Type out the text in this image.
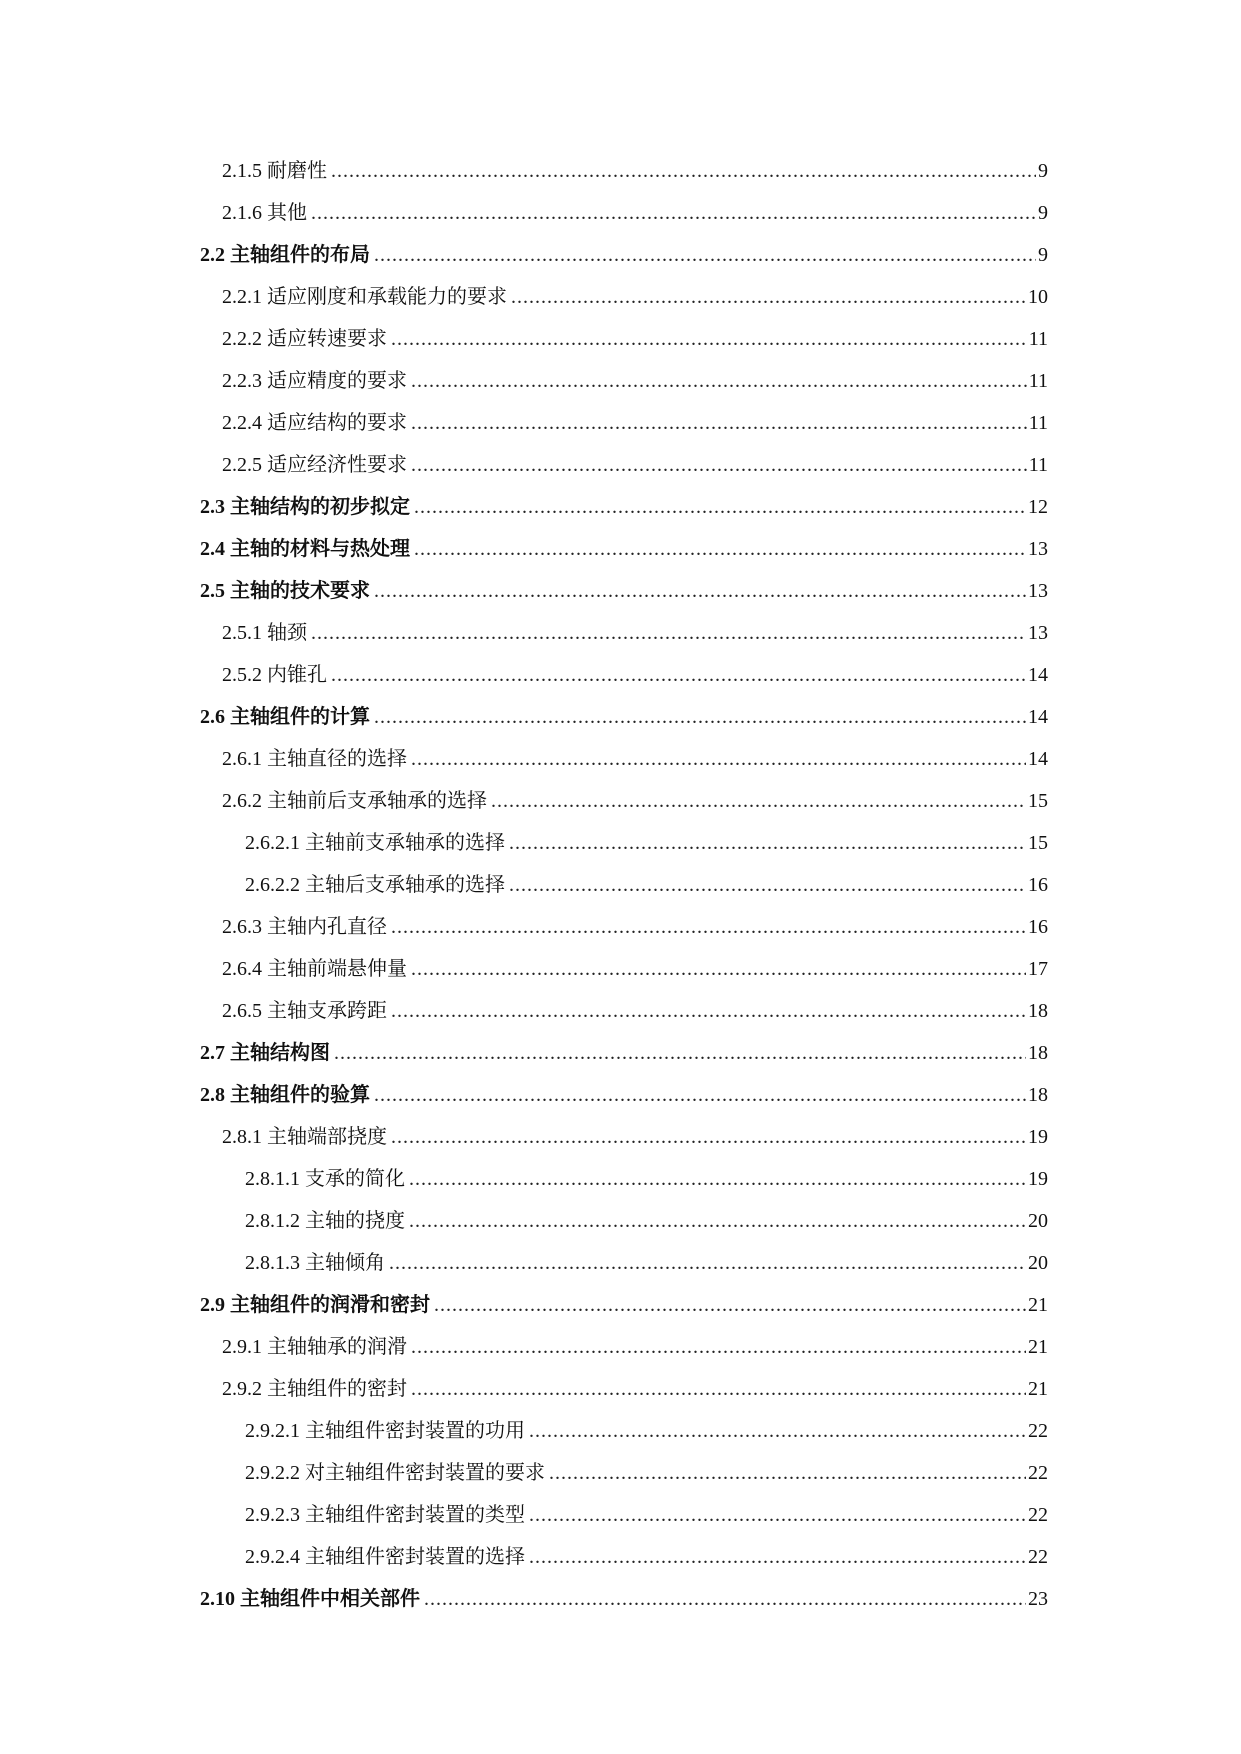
2.1.5 耐磨性 .....	9
2.1.6 其他 .....	9
2.2 主轴组件的布局 .....	9
2.2.1 适应刚度和承载能力的要求 .....	10
2.2.2 适应转速要求 .....	11
2.2.3 适应精度的要求 .....	11
2.2.4 适应结构的要求 .....	11
2.2.5 适应经济性要求 .....	11
2.3 主轴结构的初步拟定 .....	12
2.4 主轴的材料与热处理 .....	13
2.5 主轴的技术要求 .....	13
2.5.1 轴颈 .....	13
2.5.2 内锥孔 .....	14
2.6 主轴组件的计算 .....	14
2.6.1 主轴直径的选择 .....	14
2.6.2 主轴前后支承轴承的选择 .....	15
2.6.2.1 主轴前支承轴承的选择 .....	15
2.6.2.2 主轴后支承轴承的选择 .....	16
2.6.3 主轴内孔直径 .....	16
2.6.4 主轴前端悬伸量 .....	17
2.6.5 主轴支承跨距 .....	18
2.7 主轴结构图 .....	18
2.8 主轴组件的验算 .....	18
2.8.1 主轴端部挠度 .....	19
2.8.1.1 支承的简化 .....	19
2.8.1.2 主轴的挠度 .....	20
2.8.1.3 主轴倾角 .....	20
2.9 主轴组件的润滑和密封 .....	21
2.9.1 主轴轴承的润滑 .....	21
2.9.2 主轴组件的密封 .....	21
2.9.2.1 主轴组件密封装置的功用 .....	22
2.9.2.2 对主轴组件密封装置的要求 .....	22
2.9.2.3 主轴组件密封装置的类型 .....	22
2.9.2.4 主轴组件密封装置的选择 .....	22
2.10 主轴组件中相关部件 .....	23
